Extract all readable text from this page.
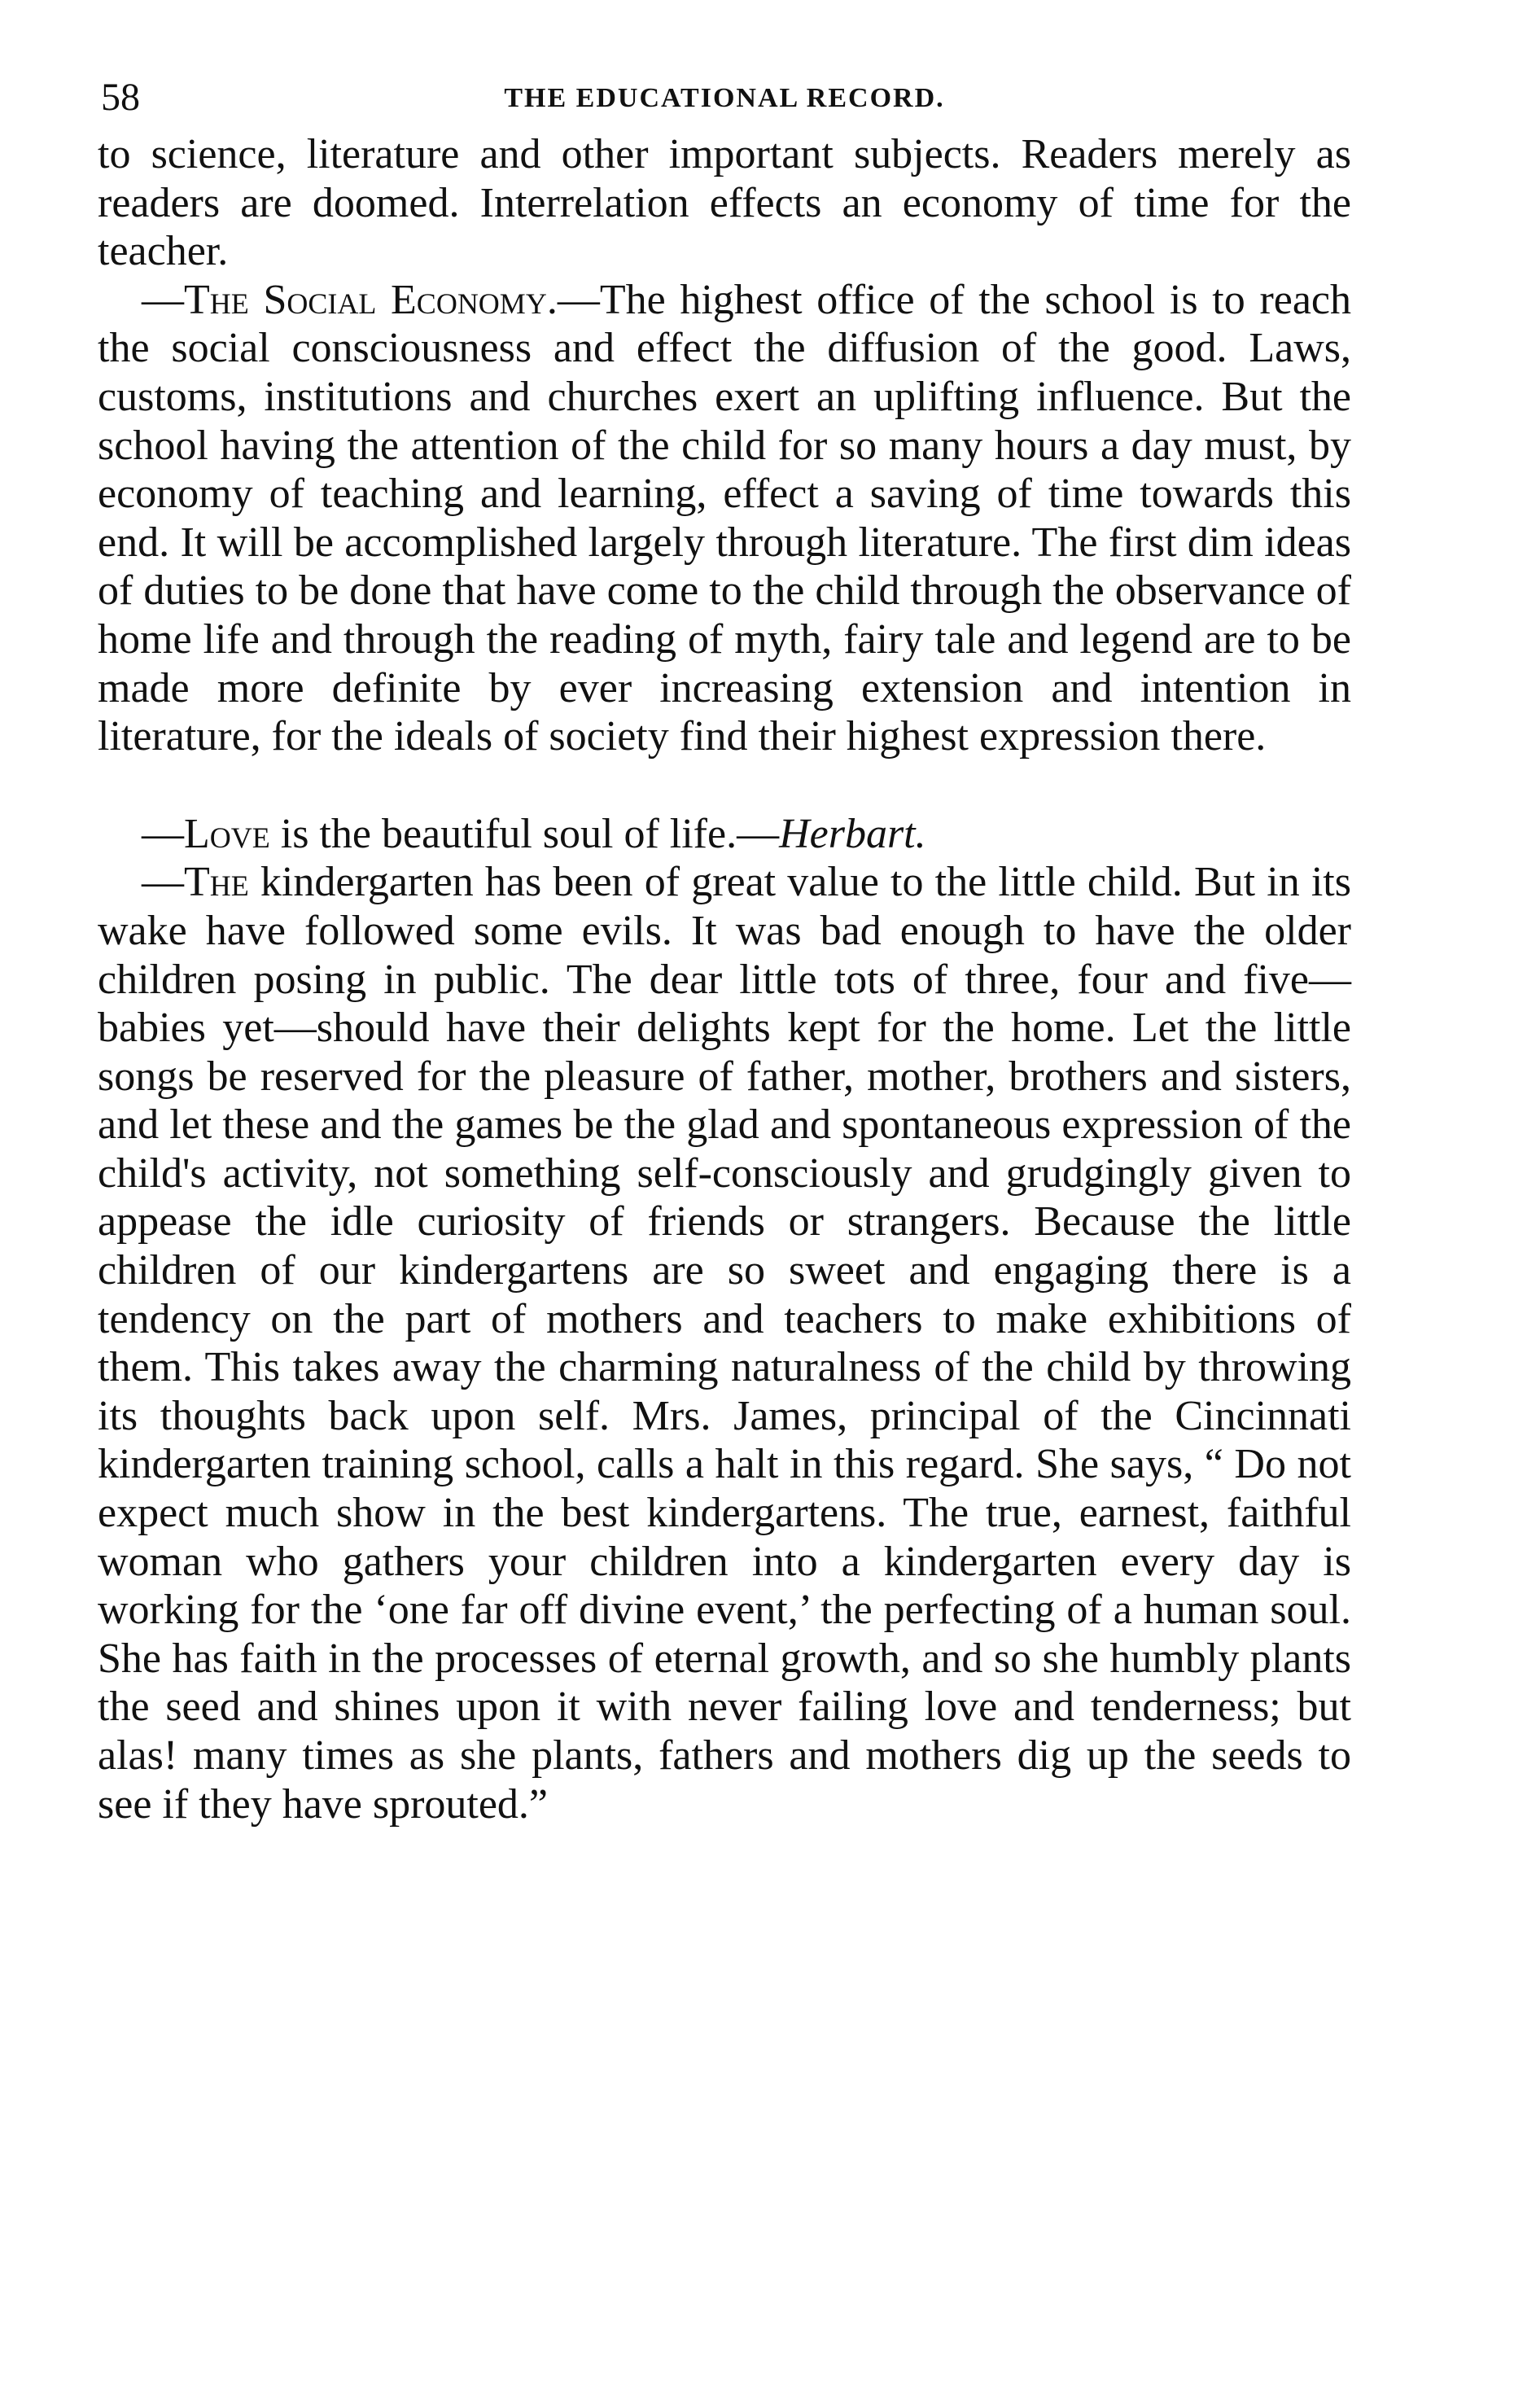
58	THE EDUCATIONAL RECORD.

to science, literature and other important subjects. Readers merely as readers are doomed. Interrelation effects an economy of time for the teacher.

—The Social Economy.—The highest office of the school is to reach the social consciousness and effect the diffusion of the good. Laws, customs, institutions and churches exert an uplifting influence. But the school having the attention of the child for so many hours a day must, by economy of teaching and learning, effect a saving of time towards this end. It will be accomplished largely through literature. The first dim ideas of duties to be done that have come to the child through the observance of home life and through the reading of myth, fairy tale and legend are to be made more definite by ever increasing extension and intention in literature, for the ideals of society find their highest expression there.

—Love is the beautiful soul of life.—Herbart.

—The kindergarten has been of great value to the little child. But in its wake have followed some evils. It was bad enough to have the older children posing in public. The dear little tots of three, four and five—babies yet—should have their delights kept for the home. Let the little songs be reserved for the pleasure of father, mother, brothers and sisters, and let these and the games be the glad and spontaneous expression of the child's activity, not something self-consciously and grudgingly given to appease the idle curiosity of friends or strangers. Because the little children of our kindergartens are so sweet and engaging there is a tendency on the part of mothers and teachers to make exhibitions of them. This takes away the charming naturalness of the child by throwing its thoughts back upon self. Mrs. James, principal of the Cincinnati kindergarten training school, calls a halt in this regard. She says, “ Do not expect much show in the best kindergartens. The true, earnest, faithful woman who gathers your children into a kindergarten every day is working for the ‘one far off divine event,’ the perfecting of a human soul. She has faith in the processes of eternal growth, and so she humbly plants the seed and shines upon it with never failing love and tenderness; but alas! many times as she plants, fathers and mothers dig up the seeds to see if they have sprouted.”
